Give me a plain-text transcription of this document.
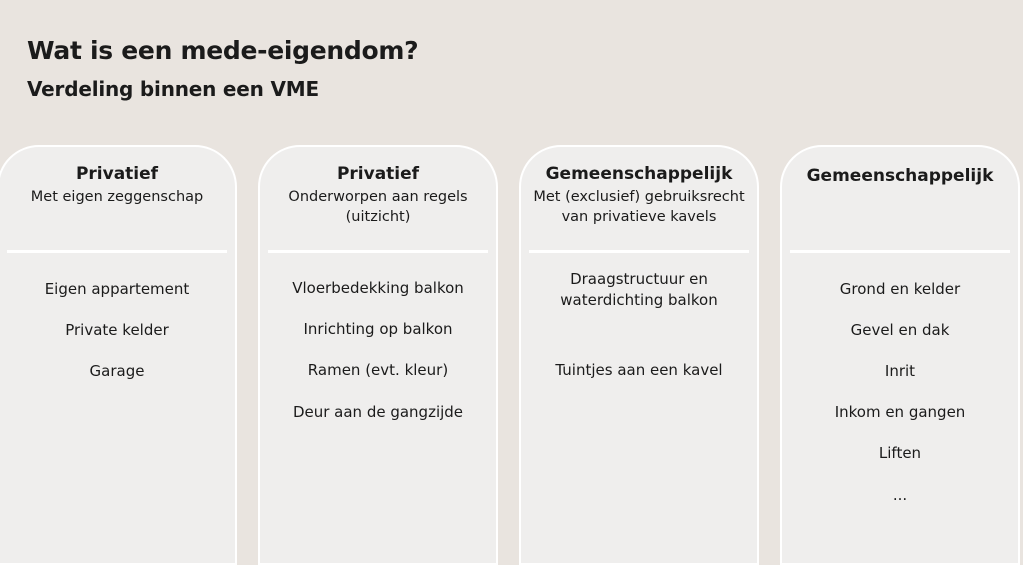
Wat is een mede-eigendom?
Verdeling binnen een VME
Privatief
Met eigen zeggenschap
Eigen appartement
Private kelder
Garage
Privatief
Onderworpen aan regels
(uitzicht)
Vloerbedekking balkon
Inrichting op balkon
Ramen (evt. kleur)
Deur aan de gangzijde
Gemeenschappelijk
Met (exclusief) gebruiksrecht
van privatieve kavels
Draagstructuur en
waterdichting balkon
Tuintjes aan een kavel
Gemeenschappelijk
Grond en kelder
Gevel en dak
Inrit
Inkom en gangen
Liften
...
